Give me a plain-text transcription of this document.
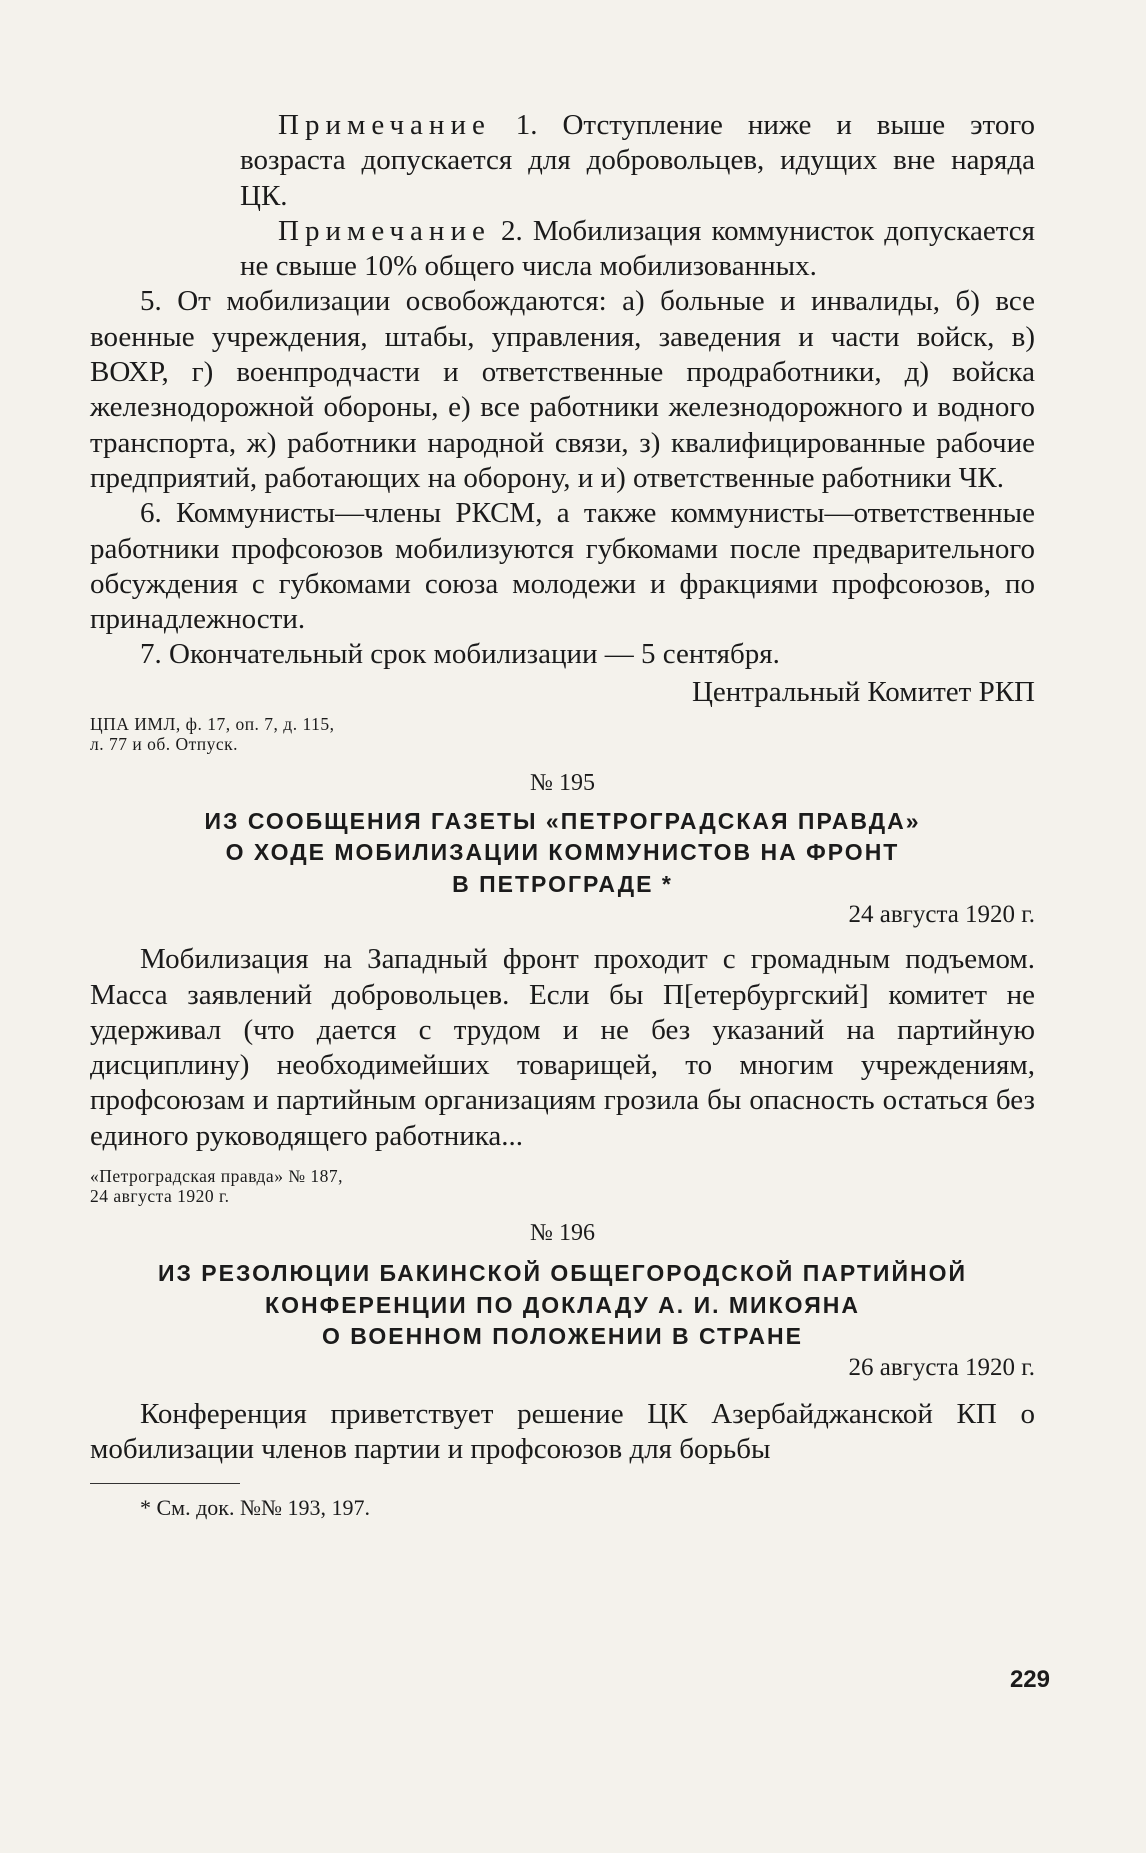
Примечание 1. Отступление ниже и выше этого возраста допускается для добровольцев, идущих вне наряда ЦК.

Примечание 2. Мобилизация коммунисток допускается не свыше 10% общего числа мобилизованных.

5. От мобилизации освобождаются: а) больные и инвалиды, б) все военные учреждения, штабы, управления, заведения и части войск, в) ВОХР, г) военпродчасти и ответственные продработники, д) войска железнодорожной обороны, е) все работники железнодорожного и водного транспорта, ж) работники народной связи, з) квалифицированные рабочие предприятий, работающих на оборону, и и) ответственные работники ЧК.

6. Коммунисты—члены РКСМ, а также коммунисты—ответственные работники профсоюзов мобилизуются губкомами после предварительного обсуждения с губкомами союза молодежи и фракциями профсоюзов, по принадлежности.

7. Окончательный срок мобилизации — 5 сентября.

Центральный Комитет РКП

ЦПА ИМЛ, ф. 17, оп. 7, д. 115,
л. 77 и об. Отпуск.
№ 195
ИЗ СООБЩЕНИЯ ГАЗЕТЫ «ПЕТРОГРАДСКАЯ ПРАВДА»
О ХОДЕ МОБИЛИЗАЦИИ КОММУНИСТОВ НА ФРОНТ
В ПЕТРОГРАДЕ *
24 августа 1920 г.

Мобилизация на Западный фронт проходит с громадным подъемом. Масса заявлений добровольцев. Если бы П[етербургский] комитет не удерживал (что дается с трудом и не без указаний на партийную дисциплину) необходимейших товарищей, то многим учреждениям, профсоюзам и партийным организациям грозила бы опасность остаться без единого руководящего работника...

«Петроградская правда» № 187,
24 августа 1920 г.
№ 196
ИЗ РЕЗОЛЮЦИИ БАКИНСКОЙ ОБЩЕГОРОДСКОЙ ПАРТИЙНОЙ
КОНФЕРЕНЦИИ ПО ДОКЛАДУ А. И. МИКОЯНА
О ВОЕННОМ ПОЛОЖЕНИИ В СТРАНЕ
26 августа 1920 г.

Конференция приветствует решение ЦК Азербайджанской КП о мобилизации членов партии и профсоюзов для борьбы

* См. док. №№ 193, 197.

229
